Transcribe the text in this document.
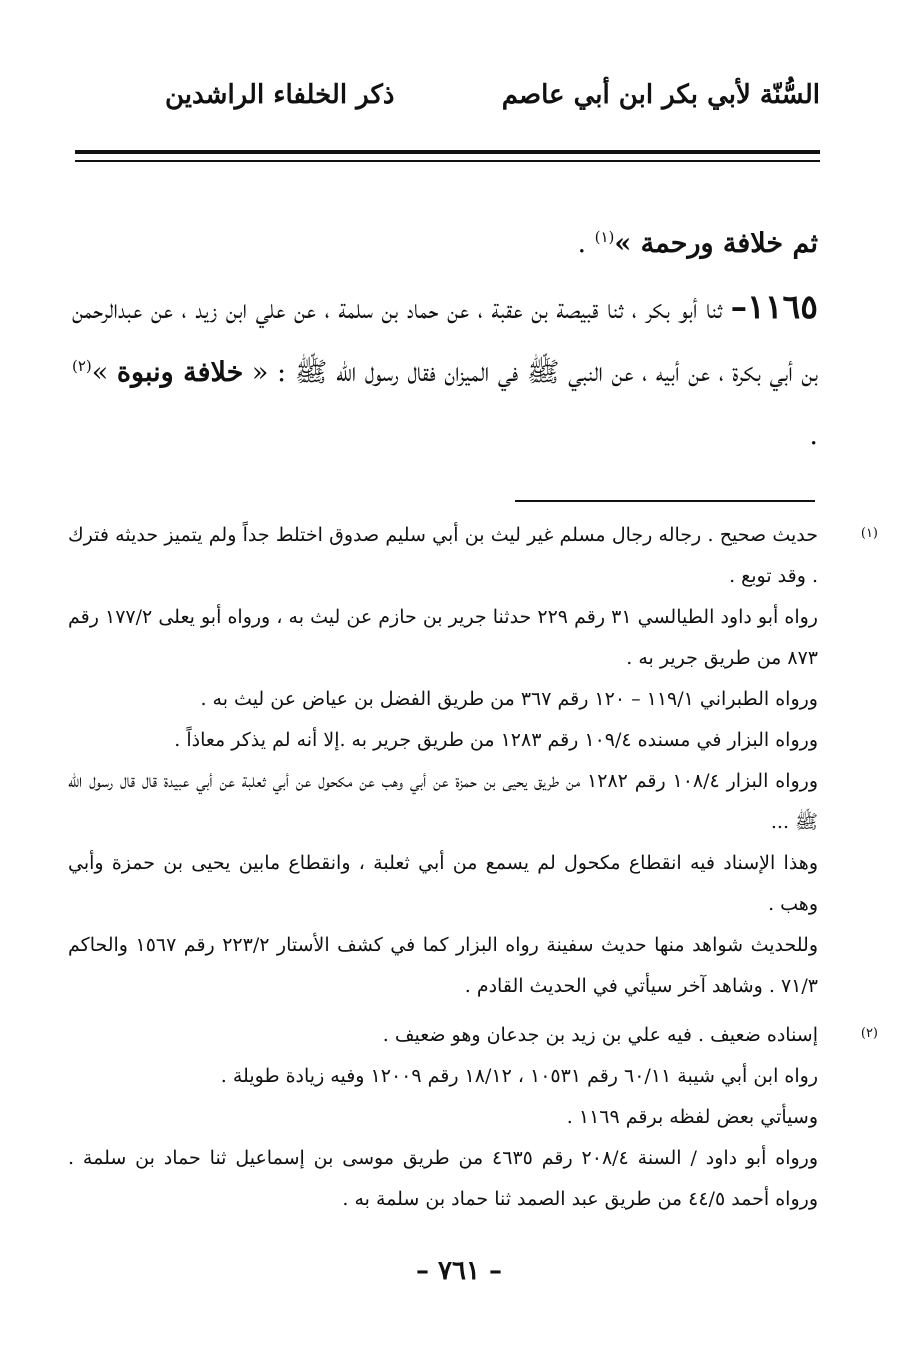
السُّنّة لأبي بكر ابن أبي عاصم
ذكر الخلفاء الراشدين

ثم خلافة ورحمة »$^{(١)}$ .

١١٦٥– ثنا أبو بكر ، ثنا قبيصة بن عقبة ، عن حماد بن سلمة ، عن علي ابن زيد ، عن عبدالرحمن بن أبي بكرة ، عن أبيه ، عن النبي ﷺ في الميزان فقال رسول الله ﷺ : « خلافة ونبوة »$^{(٢)}$ .

(١)

حديث صحيح . رجاله رجال مسلم غير ليث بن أبي سليم صدوق اختلط جداً ولم يتميز حديثه فترك . وقد توبع .

رواه أبو داود الطيالسي ٣١ رقم ٢٢٩ حدثنا جرير بن حازم عن ليث به ، ورواه أبو يعلى ١٧٧/٢ رقم ٨٧٣ من طريق جرير به .

ورواه الطبراني ١١٩/١ – ١٢٠ رقم ٣٦٧ من طريق الفضل بن عياض عن ليث به .

ورواه البزار في مسنده ١٠٩/٤ رقم ١٢٨٣ من طريق جرير به .إلا أنه لم يذكر معاذاً .

ورواه البزار ١٠٨/٤ رقم ١٢٨٢ من طريق يحيى بن حمزة عن أبي وهب عن مكحول عن أبي ثعلبة عن أبي عبيدة قال قال رسول الله ﷺ ...

وهذا الإسناد فيه انقطاع مكحول لم يسمع من أبي ثعلبة ، وانقطاع مابين يحيى بن حمزة وأبي وهب .

وللحديث شواهد منها حديث سفينة رواه البزار كما في كشف الأستار ٢٢٣/٢ رقم ١٥٦٧ والحاكم ٧١/٣ . وشاهد آخر سيأتي في الحديث القادم .

(٢)

إسناده ضعيف . فيه علي بن زيد بن جدعان وهو ضعيف .

رواه ابن أبي شيبة ٦٠/١١ رقم ١٠٥٣١ ، ١٨/١٢ رقم ١٢٠٠٩ وفيه زيادة طويلة .

وسيأتي بعض لفظه برقم ١١٦٩ .

ورواه أبو داود / السنة ٢٠٨/٤ رقم ٤٦٣٥ من طريق موسى بن إسماعيل ثنا حماد بن سلمة . ورواه أحمد ٤٤/٥ من طريق عبد الصمد ثنا حماد بن سلمة به .

– ٧٦١ –
